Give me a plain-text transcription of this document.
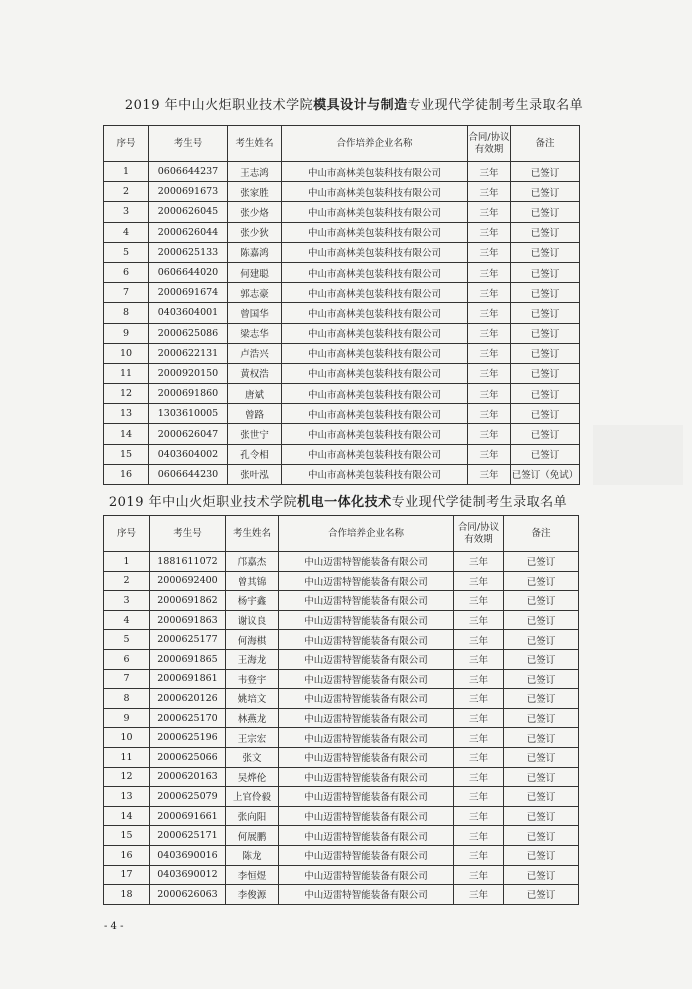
2019 年中山火炬职业技术学院模具设计与制造专业现代学徒制考生录取名单
序号	考生号	考生姓名	合作培养企业名称	合同/协议有效期	备注
1	0606644237	王志鸿	中山市高林美包装科技有限公司	三年	已签订
2	2000691673	张家胜	中山市高林美包装科技有限公司	三年	已签订
3	2000626045	张少烙	中山市高林美包装科技有限公司	三年	已签订
4	2000626044	张少狄	中山市高林美包装科技有限公司	三年	已签订
5	2000625133	陈嘉鸿	中山市高林美包装科技有限公司	三年	已签订
6	0606644020	何建聪	中山市高林美包装科技有限公司	三年	已签订
7	2000691674	郭志豪	中山市高林美包装科技有限公司	三年	已签订
8	0403604001	曾国华	中山市高林美包装科技有限公司	三年	已签订
9	2000625086	梁志华	中山市高林美包装科技有限公司	三年	已签订
10	2000622131	卢浩兴	中山市高林美包装科技有限公司	三年	已签订
11	2000920150	黄权浩	中山市高林美包装科技有限公司	三年	已签订
12	2000691860	唐斌	中山市高林美包装科技有限公司	三年	已签订
13	1303610005	曾路	中山市高林美包装科技有限公司	三年	已签订
14	2000626047	张世宁	中山市高林美包装科技有限公司	三年	已签订
15	0403604002	孔令相	中山市高林美包装科技有限公司	三年	已签订
16	0606644230	张叶泓	中山市高林美包装科技有限公司	三年	已签订（免试）
2019 年中山火炬职业技术学院机电一体化技术专业现代学徒制考生录取名单
序号	考生号	考生姓名	合作培养企业名称	合同/协议有效期	备注
1	1881611072	邝嘉杰	中山迈雷特智能装备有限公司	三年	已签订
2	2000692400	曾其锦	中山迈雷特智能装备有限公司	三年	已签订
3	2000691862	杨宇鑫	中山迈雷特智能装备有限公司	三年	已签订
4	2000691863	谢议良	中山迈雷特智能装备有限公司	三年	已签订
5	2000625177	何海棋	中山迈雷特智能装备有限公司	三年	已签订
6	2000691865	王海龙	中山迈雷特智能装备有限公司	三年	已签订
7	2000691861	韦登宇	中山迈雷特智能装备有限公司	三年	已签订
8	2000620126	姚培文	中山迈雷特智能装备有限公司	三年	已签订
9	2000625170	林燕龙	中山迈雷特智能装备有限公司	三年	已签订
10	2000625196	王宗宏	中山迈雷特智能装备有限公司	三年	已签订
11	2000625066	张文	中山迈雷特智能装备有限公司	三年	已签订
12	2000620163	吴烨伦	中山迈雷特智能装备有限公司	三年	已签订
13	2000625079	上官伶毅	中山迈雷特智能装备有限公司	三年	已签订
14	2000691661	张向阳	中山迈雷特智能装备有限公司	三年	已签订
15	2000625171	何展鹏	中山迈雷特智能装备有限公司	三年	已签订
16	0403690016	陈龙	中山迈雷特智能装备有限公司	三年	已签订
17	0403690012	李恒煜	中山迈雷特智能装备有限公司	三年	已签订
18	2000626063	李俊源	中山迈雷特智能装备有限公司	三年	已签订
- 4 -
